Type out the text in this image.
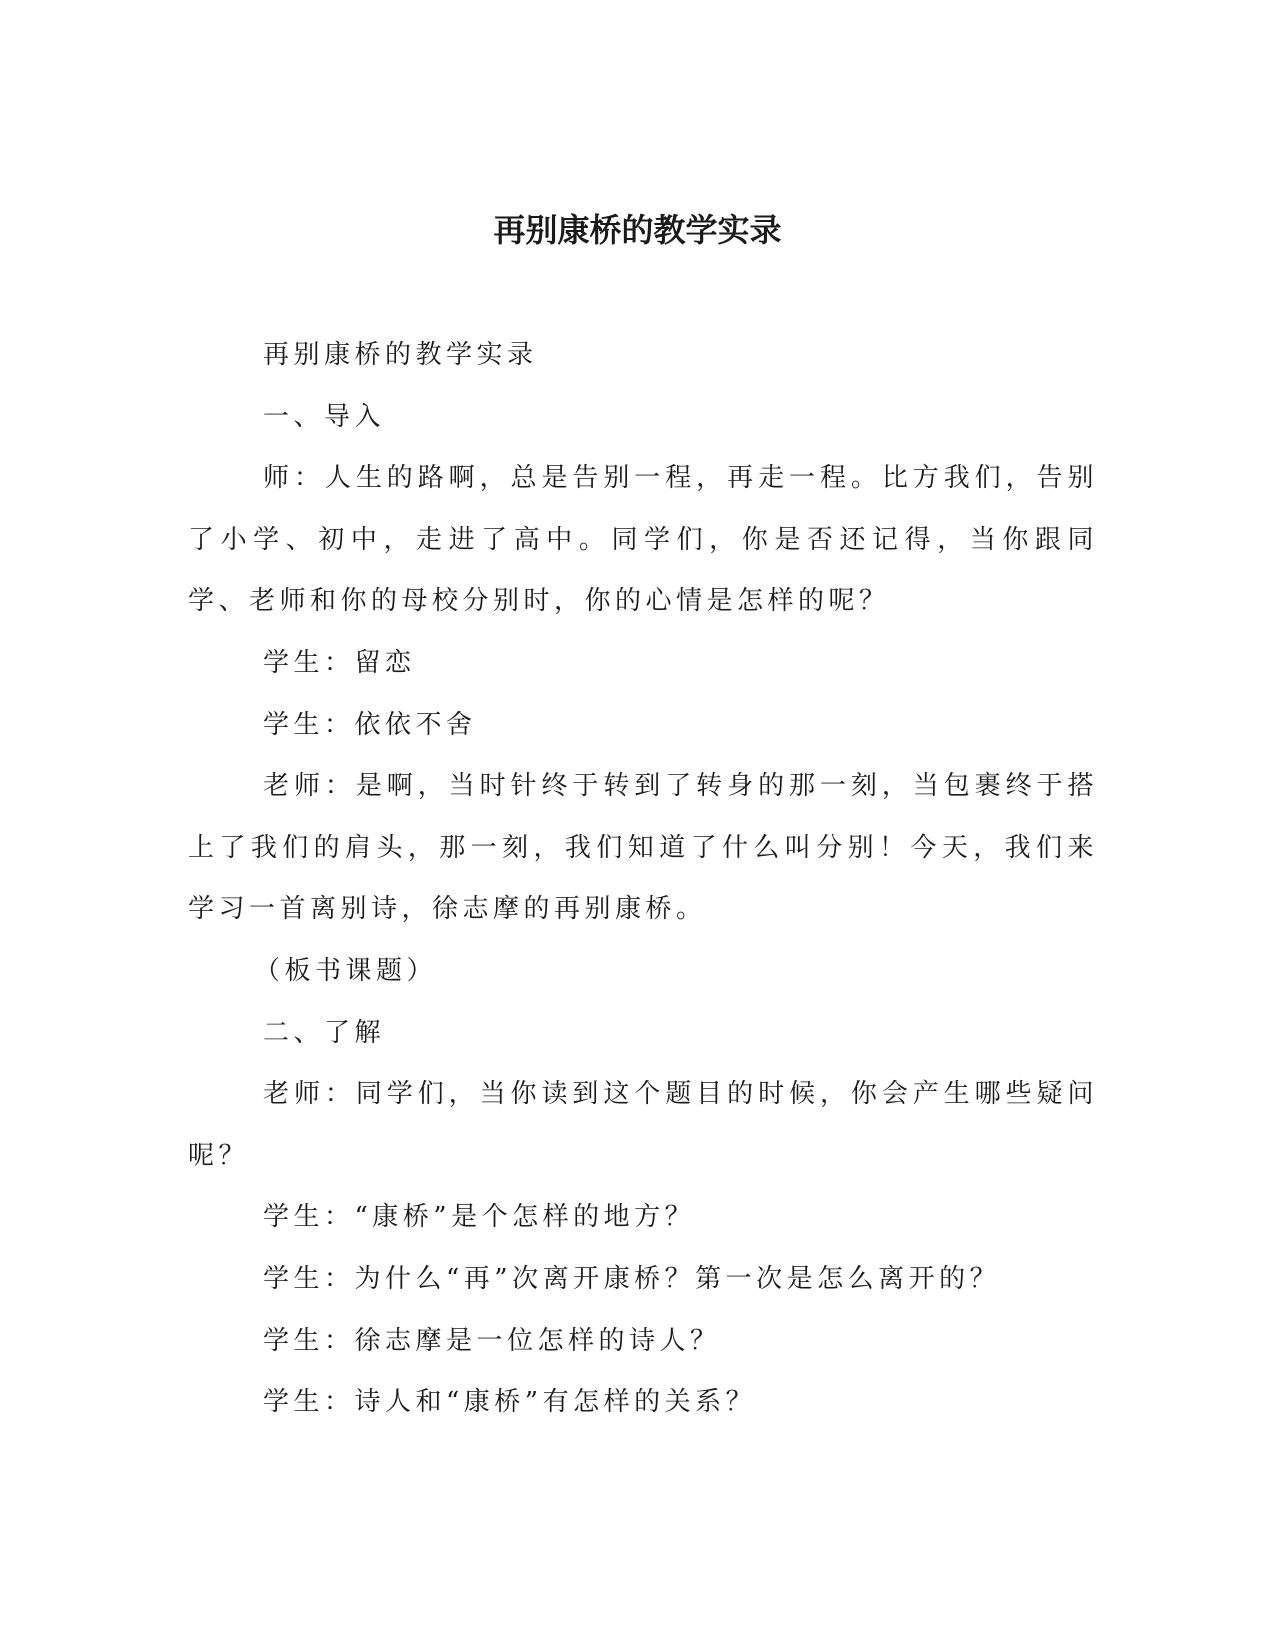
再别康桥的教学实录

再别康桥的教学实录

一、导入

师：人生的路啊，总是告别一程，再走一程。比方我们，告别了小学、初中，走进了高中。同学们，你是否还记得，当你跟同学、老师和你的母校分别时，你的心情是怎样的呢？

学生：留恋

学生：依依不舍

老师：是啊，当时针终于转到了转身的那一刻，当包裹终于搭上了我们的肩头，那一刻，我们知道了什么叫分别！今天，我们来学习一首离别诗，徐志摩的再别康桥。

（板书课题）

二、了解

老师：同学们，当你读到这个题目的时候，你会产生哪些疑问呢？

学生：“康桥”是个怎样的地方？

学生：为什么“再”次离开康桥？第一次是怎么离开的？

学生：徐志摩是一位怎样的诗人？

学生：诗人和“康桥”有怎样的关系？
